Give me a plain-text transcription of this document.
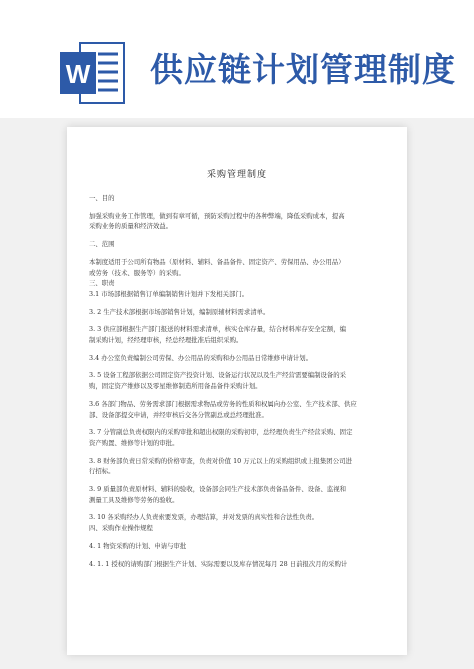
W 供应链计划管理制度
采购管理制度

一、目的

加强采购业务工作管理，做到有章可循，预防采购过程中的各种弊端，降低采购成本，提高

采购业务的质量和经济效益。

二、范围

本制度适用于公司所有物品（原材料、辅料、备品备件、固定资产、劳保用品、办公用品）

或劳务（技术、服务等）的采购。

三、职责

3.1 市场部根据销售订单编制销售计划并下发相关部门。

3. 2 生产技术部根据市场部销售计划，编制原辅材料需求清单。

3. 3 供应部根据生产部门报送的材料需求清单，核实仓库存量，结合材料库存安全定额，编

制采购计划，经经理审核，经总经理批准后组织采购。

3.4 办公室负责编制公司劳保、办公用品的采购和办公用品日常维修申请计划。

3. 5 设备工程部依据公司固定资产投资计划、设备运行状况以及生产经营需要编制设备的采

购，固定资产维修以及零星维修制造所用备品备件采购计划。

3.6 各部门物品、劳务需求部门根据需求物品或劳务的性质和权属向办公室、生产技术部、供应

部、设备部提交申请，并经审核后交各分管副总或总经理批准。

3. 7 分管副总负责权限内的采购审批和超出权限的采购初审，总经理负责生产经营采购、固定

资产购置、维修等计划的审批。

3. 8 财务部负责日常采购的价格审查，负责对价值 10 万元以上的采购组织或上报集团公司进

行招标。

3. 9 质量部负责原材料、辅料的验收，设备部会同生产技术部负责备品备件、设备、监视和

测量工具及维修等劳务的验收。

3. 10 各采购经办人负责索要发票，办理结算，并对发票的真实性和合法性负责。

四、采购作业操作规程

4. 1 物资采购的计划、申请与审批

4. 1. 1 授权的请购部门根据生产计划、实际需要以及库存情况每月 28 日前报次月的采购计
